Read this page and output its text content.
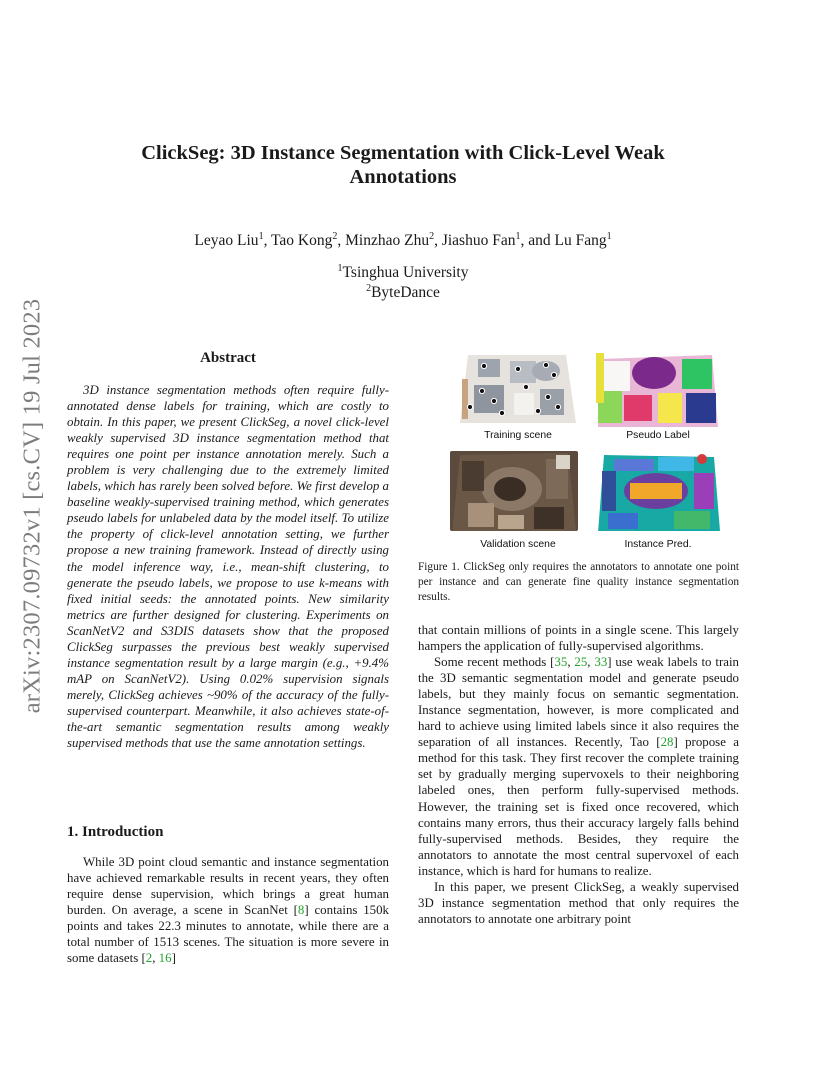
arXiv:2307.09732v1 [cs.CV] 19 Jul 2023
ClickSeg: 3D Instance Segmentation with Click-Level Weak
Annotations
Leyao Liu$^1$, Tao Kong$^2$, Minzhao Zhu$^2$, Jiashuo Fan$^1$, and Lu Fang$^1$
$^1$Tsinghua University
$^2$ByteDance
Abstract

3D instance segmentation methods often require fully-annotated dense labels for training, which are costly to obtain. In this paper, we present ClickSeg, a novel click-level weakly supervised 3D instance segmentation method that requires one point per instance annotation merely. Such a problem is very challenging due to the extremely limited labels, which has rarely been solved before. We first develop a baseline weakly-supervised training method, which generates pseudo labels for unlabeled data by the model itself. To utilize the property of click-level annotation setting, we further propose a new training framework. Instead of directly using the model inference way, i.e., mean-shift clustering, to generate the pseudo labels, we propose to use k-means with fixed initial seeds: the annotated points. New similarity metrics are further designed for clustering. Experiments on ScanNetV2 and S3DIS datasets show that the proposed ClickSeg surpasses the previous best weakly supervised instance segmentation result by a large margin (e.g., +9.4% mAP on ScanNetV2). Using 0.02% supervision signals merely, ClickSeg achieves ~90% of the accuracy of the fully-supervised counterpart. Meanwhile, it also achieves state-of-the-art semantic segmentation results among weakly supervised methods that use the same annotation settings.

1. Introduction

While 3D point cloud semantic and instance segmentation have achieved remarkable results in recent years, they often require dense supervision, which brings a great human burden. On average, a scene in ScanNet [8] contains 150k points and takes 22.3 minutes to annotate, while there are a total number of 1513 scenes. The situation is more severe in some datasets [2, 16]

Training scene	Pseudo Label
Validation scene	Instance Pred.

Figure 1. ClickSeg only requires the annotators to annotate one point per instance and can generate fine quality instance segmentation results.

that contain millions of points in a single scene. This largely hampers the application of fully-supervised algorithms.

Some recent methods [35, 25, 33] use weak labels to train the 3D semantic segmentation model and generate pseudo labels, but they mainly focus on semantic segmentation. Instance segmentation, however, is more complicated and hard to achieve using limited labels since it also requires the separation of all instances. Recently, Tao [28] propose a method for this task. They first recover the complete training set by gradually merging supervoxels to their neighboring labeled ones, then perform fully-supervised methods. However, the training set is fixed once recovered, which contains many errors, thus their accuracy largely falls behind fully-supervised methods. Besides, they require the annotators to annotate the most central supervoxel of each instance, which is hard for humans to realize.

In this paper, we present ClickSeg, a weakly supervised 3D instance segmentation method that only requires the annotators to annotate one arbitrary point
